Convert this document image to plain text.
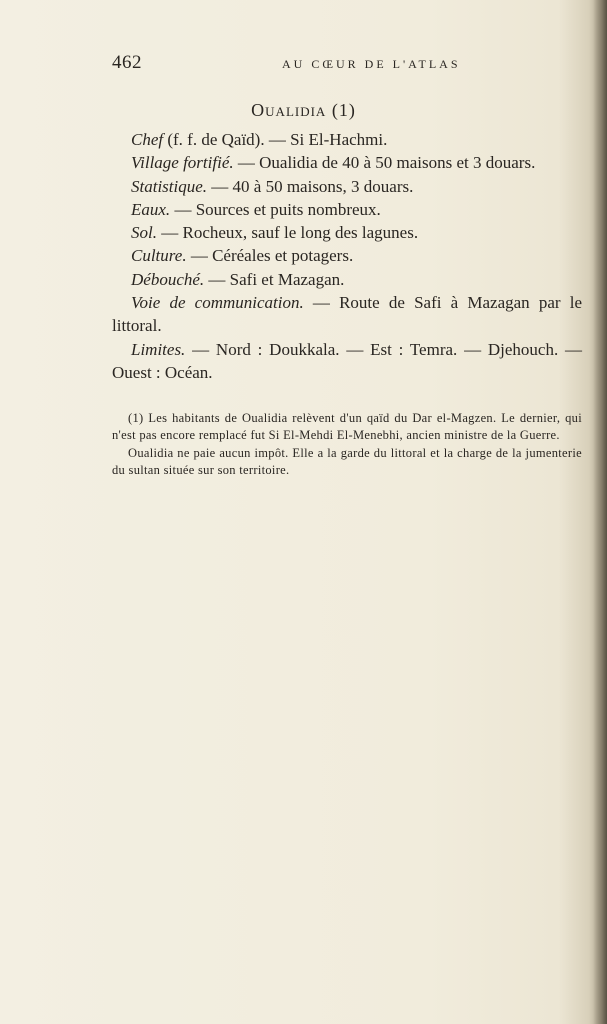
462	AU CŒUR DE L'ATLAS
Oualidia (1)

Chef (f. f. de Qaïd). — Si El-Hachmi.

Village fortifié. — Oualidia de 40 à 50 maisons et 3 douars.

Statistique. — 40 à 50 maisons, 3 douars.

Eaux. — Sources et puits nombreux.

Sol. — Rocheux, sauf le long des lagunes.

Culture. — Céréales et potagers.

Débouché. — Safi et Mazagan.

Voie de communication. — Route de Safi à Mazagan par le littoral.

Limites. — Nord : Doukkala. — Est : Temra. — Djehouch. — Ouest : Océan.

(1) Les habitants de Oualidia relèvent d'un qaïd du Dar el-Magzen. Le dernier, qui n'est pas encore remplacé fut Si El-Mehdi El-Menebhi, ancien ministre de la Guerre.

Oualidia ne paie aucun impôt. Elle a la garde du littoral et la charge de la jumenterie du sultan située sur son territoire.
